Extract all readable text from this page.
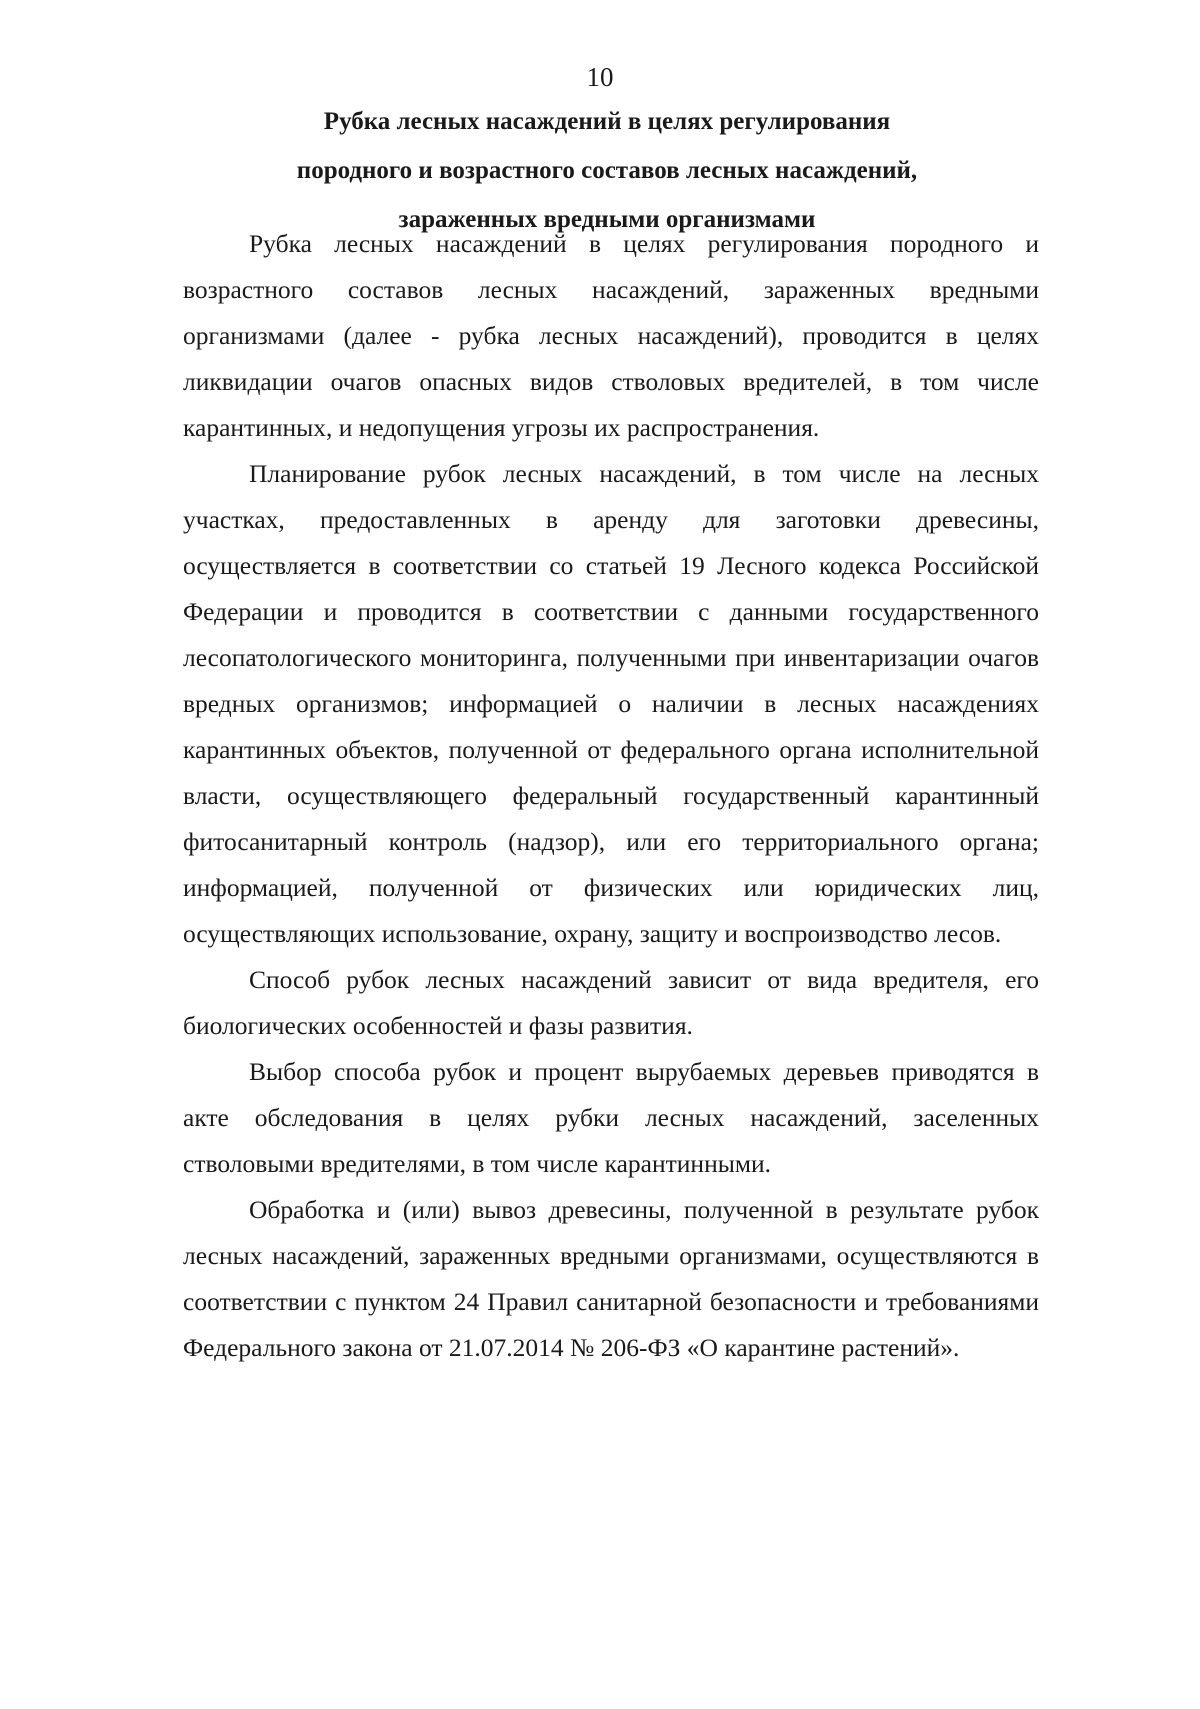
10
Рубка лесных насаждений в целях регулирования
породного и возрастного составов лесных насаждений,
зараженных вредными организмами

Рубка лесных насаждений в целях регулирования породного и возрастного составов лесных насаждений, зараженных вредными организмами (далее - рубка лесных насаждений), проводится в целях ликвидации очагов опасных видов стволовых вредителей, в том числе карантинных, и недопущения угрозы их распространения.

Планирование рубок лесных насаждений, в том числе на лесных участках, предоставленных в аренду для заготовки древесины, осуществляется в соответствии со статьей 19 Лесного кодекса Российской Федерации и проводится в соответствии с данными государственного лесопатологического мониторинга, полученными при инвентаризации очагов вредных организмов; информацией о наличии в лесных насаждениях карантинных объектов, полученной от федерального органа исполнительной власти, осуществляющего федеральный государственный карантинный фитосанитарный контроль (надзор), или его территориального органа; информацией, полученной от физических или юридических лиц, осуществляющих использование, охрану, защиту и воспроизводство лесов.

Способ рубок лесных насаждений зависит от вида вредителя, его биологических особенностей и фазы развития.

Выбор способа рубок и процент вырубаемых деревьев приводятся в акте обследования в целях рубки лесных насаждений, заселенных стволовыми вредителями, в том числе карантинными.

Обработка и (или) вывоз древесины, полученной в результате рубок лесных насаждений, зараженных вредными организмами, осуществляются в соответствии с пунктом 24 Правил санитарной безопасности и требованиями Федерального закона от 21.07.2014 № 206-ФЗ «О карантине растений».
